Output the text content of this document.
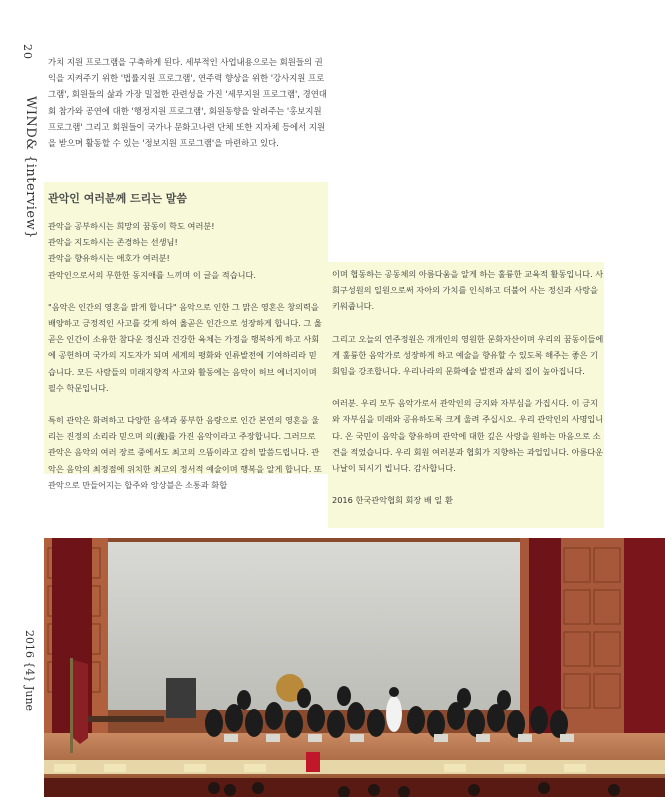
20
WIND& {interview}
2016 {4} June

가치 지원 프로그램을 구축하게 된다. 세부적인 사업내용으로는 회원들의 권익을 지켜주기 위한 '법률지원 프로그램', 연주력 향상을 위한 '강사지원 프로그램', 회원들의 삶과 가장 밀접한 관련성을 가진 '세무지원 프로그램', 경연대회 참가와 공연에 대한 '행정지원 프로그램', 회원동향을 알려주는 '홍보지원 프로그램' 그리고 회원들이 국가나 문화고나련 단체 또한 지자체 등에서 지원을 받으며 활동할 수 있는 '정보지원 프로그램'을 마련하고 있다.

관악인 여러분께 드리는 말씀

관악을 공부하시는 희망의 꿈동이 학도 여러분!

관악을 지도하시는 존경하는 선생님!

관악을 향유하시는 애호가 여러분!

관악인으로서의 무한한 동지애를 느끼며 이 글을 적습니다.

"음악은 인간의 영혼을 맑게 합니다" 음악으로 인한 그 맑은 영혼은 창의력을 배양하고 긍정적인 사고를 갖게 하여 옳곧은 인간으로 성장하게 합니다. 그 옳곧은 인간이 소유한 참다운 정신과 건강한 육체는 가정을 행복하게 하고 사회에 공헌하며 국가의 지도자가 되며 세계의 평화와 인류발전에 기여하리라 믿습니다. 모든 사람들의 미래지향적 사고와 활동에는 음악이 허브 에너지이며 필수 학문입니다.

특히 관악은 화려하고 다양한 음색과 풍부한 음량으로 인간 본연의 영혼을 울리는 진정의 소리라 믿으며 의(義)를 가진 음악이라고 주장합니다. 그러므로 관악은 음악의 여러 장르 중에서도 최고의 으뜸이라고 감히 말씀드립니다. 관악은 음악의 최정점에 위치한 최고의 정서적 예술이며 행복을 알게 합니다. 또 관악으로 만들어지는 합주와 앙상블은 소통과 화합

이며 협동하는 공동체의 아름다움을 알게 하는 훌륭한 교육적 활동입니다. 사회구성원의 일원으로써 자아의 가치를 인식하고 더불어 사는 정신과 사랑을 키워줍니다.

그리고 오늘의 연주정원은 개개인의 영원한 문화자산이며 우리의 꿈동이들에게 훌륭한 음악가로 성장하게 하고 예술을 향유할 수 있도록 해주는 좋은 기회임을 강조합니다. 우리나라의 문화예술 발전과 삶의 질이 높아집니다.

여러분. 우리 모두 음악가로서 관악인의 긍지와 자부심을 가집시다. 이 긍지와 자부심을 미래와 공유하도록 크게 울려 주십시오. 우리 관악인의 사명입니다. 온 국민이 음악을 향유하며 관악에 대한 깊은 사랑을 원하는 마음으로 소견을 적었습니다. 우리 회원 여러분과 협회가 지향하는 과업입니다. 아름다운 나날이 되시기 빕니다. 감사합니다.

2016 한국관악협회 회장 배 일 환
